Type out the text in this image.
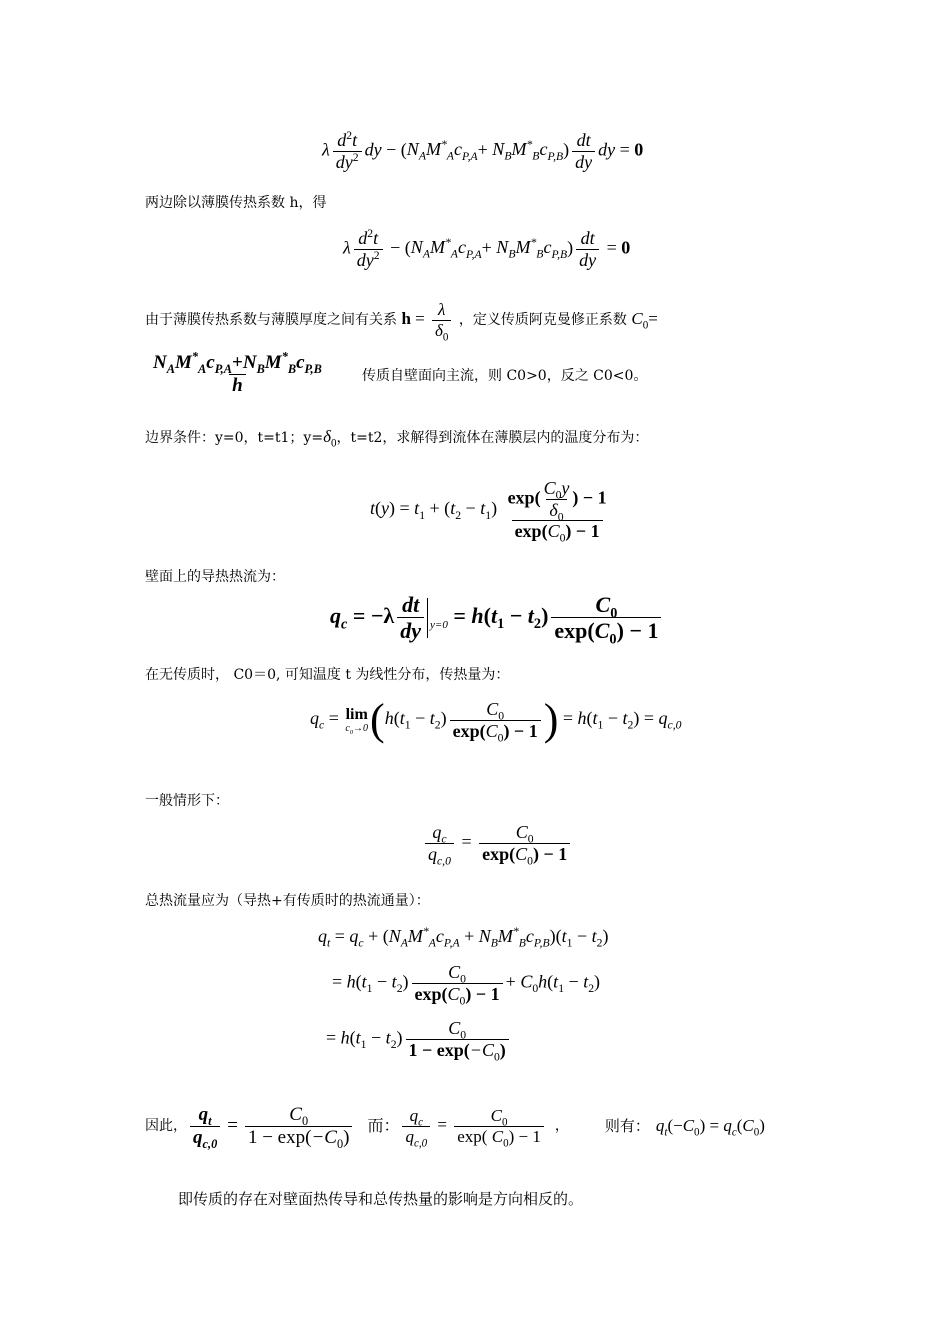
λ $\frac{d^2t}{dy^2}$ dy − $(N_AM^*_Ac_{P,A}+ N_BM^*_Bc_{P,B}) \frac{dt}{dy}$ dy = 0
两边除以薄膜传热系数 h，得
λ $\frac{d^2t}{dy^2} - (N_AM^*_Ac_{P,A}+ N_BM^*_Bc_{P,B}) \frac{dt}{dy} = 0$
由于薄膜传热系数与薄膜厚度之间有关系 $h = \frac{\lambda}{\delta_0}$ ，定义传质阿克曼修正系数 $C_0=$
$\frac{N_AM^*_Ac_{P,A}+N_BM^*_Bc_{P,B}}{h}$	传质自壁面向主流，则 C0>0，反之 C0<0。
边界条件：y=0，t=t1；$y=\delta_0$，t=t2，求解得到流体在薄膜层内的温度分布为：
$t(y) = t_1 + (t_2 - t_1) \frac{\exp( \frac{C_0y}{\delta_0} ) - 1}{\exp(C_0) - 1}$
壁面上的导热热流为：
$q_c = -\lambda \frac{dt}{dy} _{y=0} = h(t_1 - t_2) \frac{C_0}{\exp(C_0) - 1}$
在无传质时， C0＝0, 可知温度 t 为线性分布，传热量为：
$q_c = \lim$
$c_0\to 0$ ($h(t_1 - t_2) \frac{C_0}{\exp(C_0) - 1}$ ) = $h(t_1 - t_2) = q_{c,0}$
一般情形下：
$\frac{q_c}{q_{c,0}} = \frac{C_0}{\exp(C_0) - 1}$
总热流量应为（导热+有传质时的热流通量）：
$q_t = q_c + (N_AM^*_Ac_{P,A} + N_BM^*_Bc_{P,B})(t_1 - t_2)$
= $h(t_1 - t_2) \frac{C_0}{\exp(C_0) - 1} + C_0h(t_1 - t_2)$
= $h(t_1 - t_2) \frac{C_0}{1 - \exp(-C_0)}$
因此， $\frac{q_t}{q_{c,0}} = \frac{C_0}{1 - \exp(-C_0)}$ 而： $\frac{q_c}{q_{c,0}} = \frac{C_0}{\exp( C_0) - 1}$ ， 则有： $q_t(-C_0) = q_c(C_0)$
即传质的存在对壁面热传导和总传热量的影响是方向相反的。
